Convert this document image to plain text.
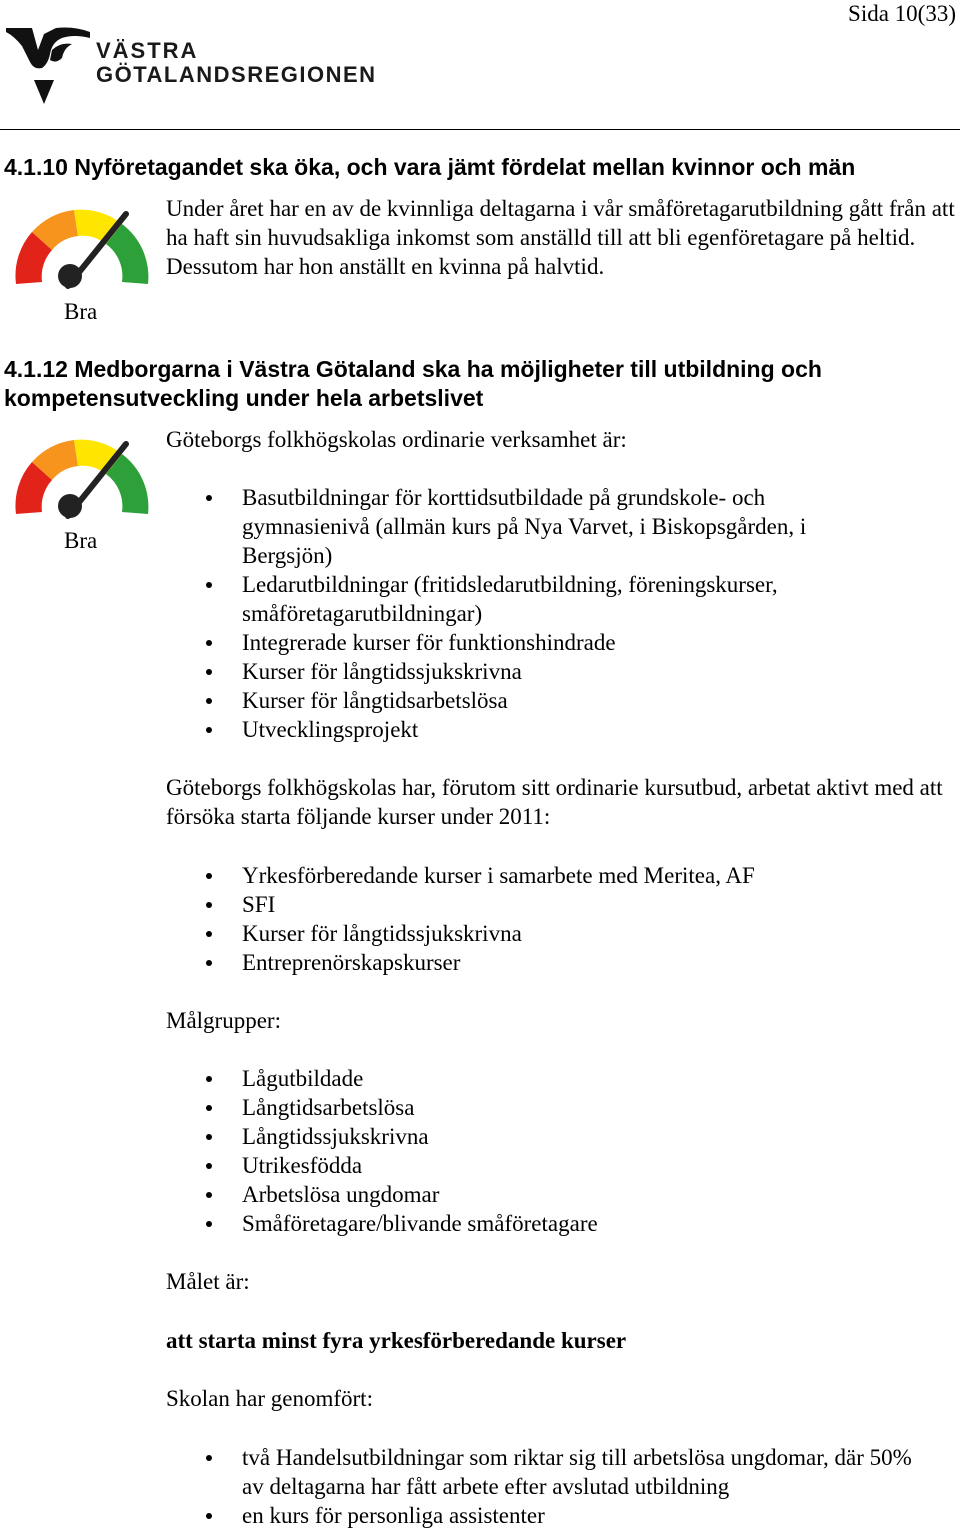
Sida 10(33)
VÄSTRA
GÖTALANDSREGIONEN
4.1.10 Nyföretagandet ska öka, och vara jämt fördelat mellan kvinnor och män
Bra

Under året har en av de kvinnliga deltagarna i vår småföretagarutbildning gått från att ha haft sin huvudsakliga inkomst som anställd till att bli egenföretagare på heltid. Dessutom har hon anställt en kvinna på halvtid.

4.1.12 Medborgarna i Västra Götaland ska ha möjligheter till utbildning och kompetensutveckling under hela arbetslivet
Bra

Göteborgs folkhögskolas ordinarie verksamhet är:

Basutbildningar för korttidsutbildade på grundskole- och gymnasienivå (allmän kurs på Nya Varvet, i Biskopsgården, i Bergsjön)
Ledarutbildningar (fritidsledarutbildning, föreningskurser, småföretagarutbildningar)
Integrerade kurser för funktionshindrade
Kurser för långtidssjukskrivna
Kurser för långtidsarbetslösa
Utvecklingsprojekt

Göteborgs folkhögskolas har, förutom sitt ordinarie kursutbud, arbetat aktivt med att försöka starta följande kurser under 2011:

Yrkesförberedande kurser i samarbete med Meritea, AF
SFI
Kurser för långtidssjukskrivna
Entreprenörskapskurser

Målgrupper:

Lågutbildade
Långtidsarbetslösa
Långtidssjukskrivna
Utrikesfödda
Arbetslösa ungdomar
Småföretagare/blivande småföretagare

Målet är:

att starta minst fyra yrkesförberedande kurser

Skolan har genomfört:

två Handelsutbildningar som riktar sig till arbetslösa ungdomar, där 50% av deltagarna har fått arbete efter avslutad utbildning
en kurs för personliga assistenter
